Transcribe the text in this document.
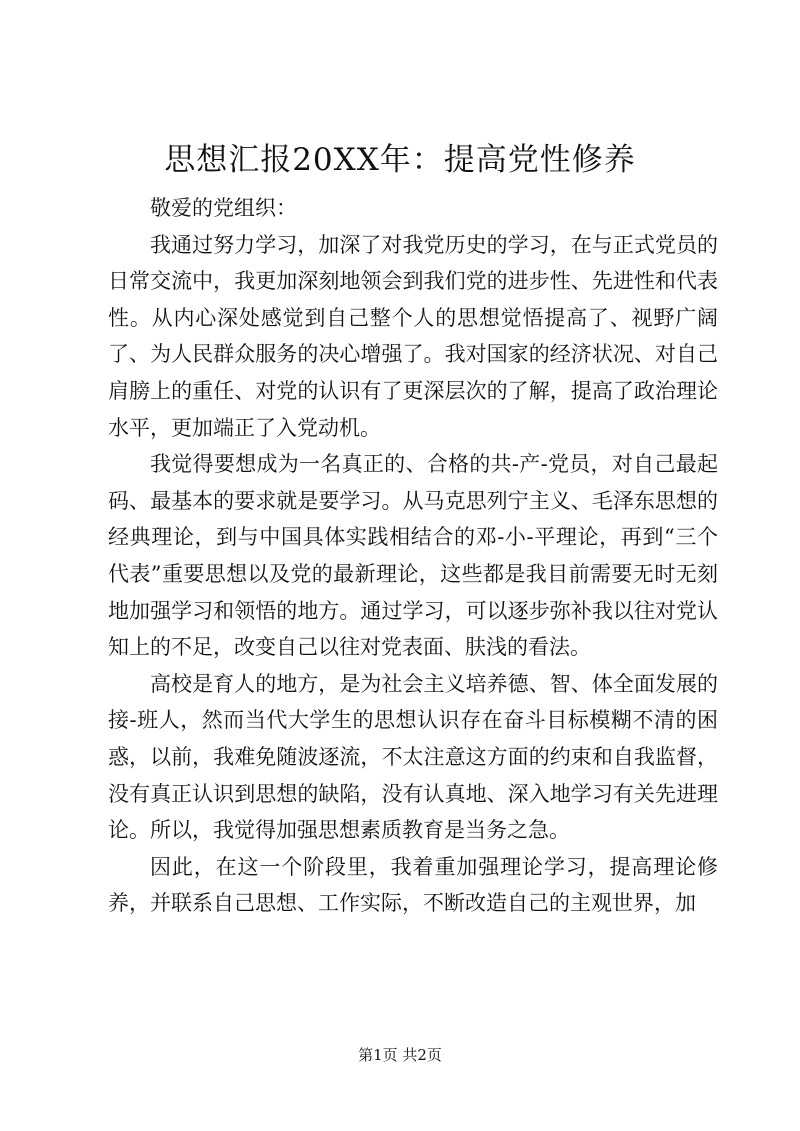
思想汇报20XX年：提高党性修养

敬爱的党组织：

我通过努力学习，加深了对我党历史的学习，在与正式党员的日常交流中，我更加深刻地领会到我们党的进步性、先进性和代表性。从内心深处感觉到自己整个人的思想觉悟提高了、视野广阔了、为人民群众服务的决心增强了。我对国家的经济状况、对自己肩膀上的重任、对党的认识有了更深层次的了解，提高了政治理论水平，更加端正了入党动机。

我觉得要想成为一名真正的、合格的共-产-党员，对自己最起码、最基本的要求就是要学习。从马克思列宁主义、毛泽东思想的经典理论，到与中国具体实践相结合的邓-小-平理论，再到“三个代表”重要思想以及党的最新理论，这些都是我目前需要无时无刻地加强学习和领悟的地方。通过学习，可以逐步弥补我以往对党认知上的不足，改变自己以往对党表面、肤浅的看法。

高校是育人的地方，是为社会主义培养德、智、体全面发展的接-班人，然而当代大学生的思想认识存在奋斗目标模糊不清的困惑，以前，我难免随波逐流，不太注意这方面的约束和自我监督，没有真正认识到思想的缺陷，没有认真地、深入地学习有关先进理论。所以，我觉得加强思想素质教育是当务之急。

因此，在这一个阶段里，我着重加强理论学习，提高理论修养，并联系自己思想、工作实际，不断改造自己的主观世界，加

第1页 共2页
